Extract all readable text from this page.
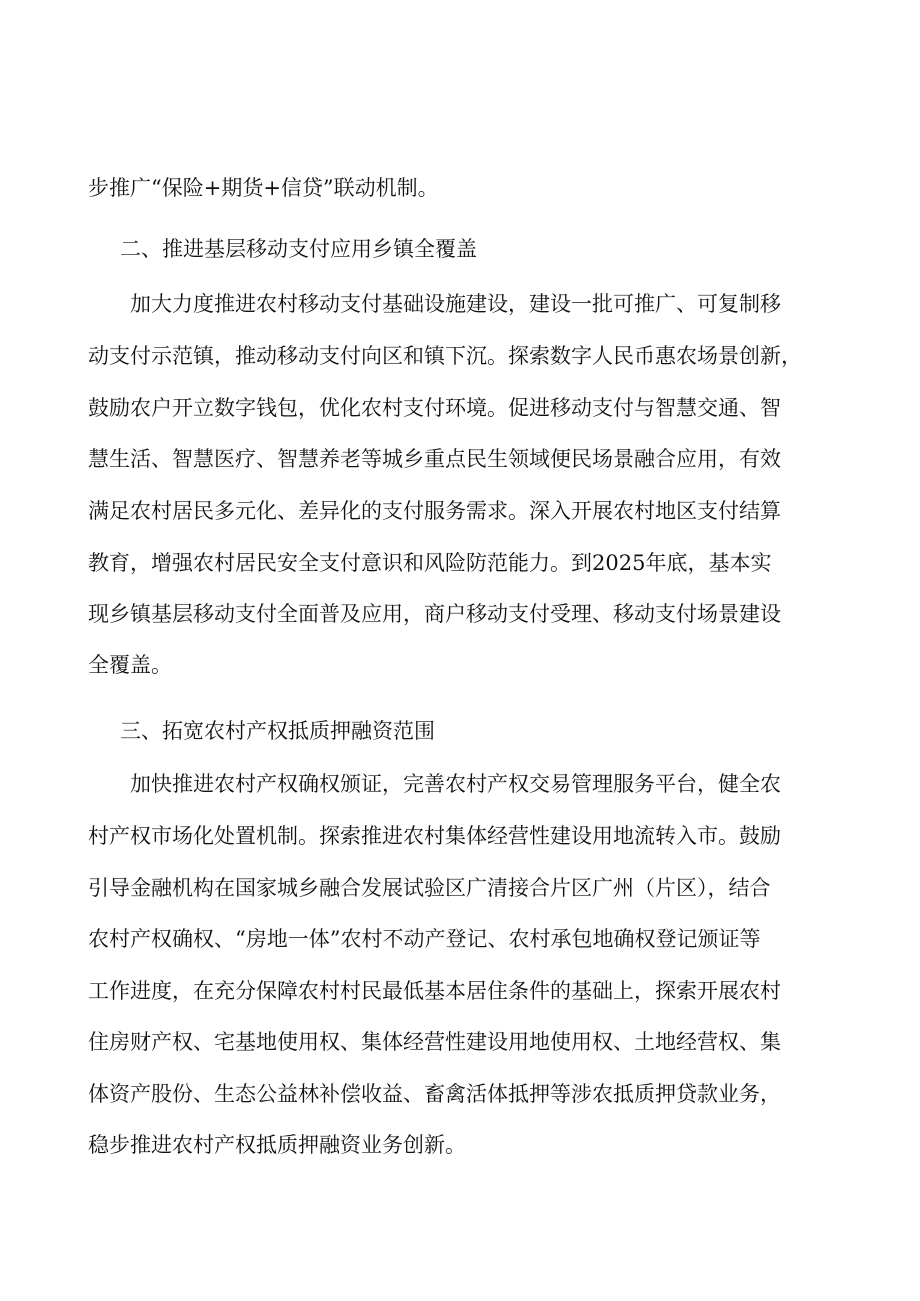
步推广“保险+期货+信贷”联动机制。
二、推进基层移动支付应用乡镇全覆盖
加大力度推进农村移动支付基础设施建设，建设一批可推广、可复制移
动支付示范镇，推动移动支付向区和镇下沉。探索数字人民币惠农场景创新，
鼓励农户开立数字钱包，优化农村支付环境。促进移动支付与智慧交通、智
慧生活、智慧医疗、智慧养老等城乡重点民生领域便民场景融合应用，有效
满足农村居民多元化、差异化的支付服务需求。深入开展农村地区支付结算
教育，增强农村居民安全支付意识和风险防范能力。到2025年底，基本实
现乡镇基层移动支付全面普及应用，商户移动支付受理、移动支付场景建设
全覆盖。
三、拓宽农村产权抵质押融资范围
加快推进农村产权确权颁证，完善农村产权交易管理服务平台，健全农
村产权市场化处置机制。探索推进农村集体经营性建设用地流转入市。鼓励
引导金融机构在国家城乡融合发展试验区广清接合片区广州（片区），结合
农村产权确权、“房地一体”农村不动产登记、农村承包地确权登记颁证等
工作进度，在充分保障农村村民最低基本居住条件的基础上，探索开展农村
住房财产权、宅基地使用权、集体经营性建设用地使用权、土地经营权、集
体资产股份、生态公益林补偿收益、畜禽活体抵押等涉农抵质押贷款业务，
稳步推进农村产权抵质押融资业务创新。
